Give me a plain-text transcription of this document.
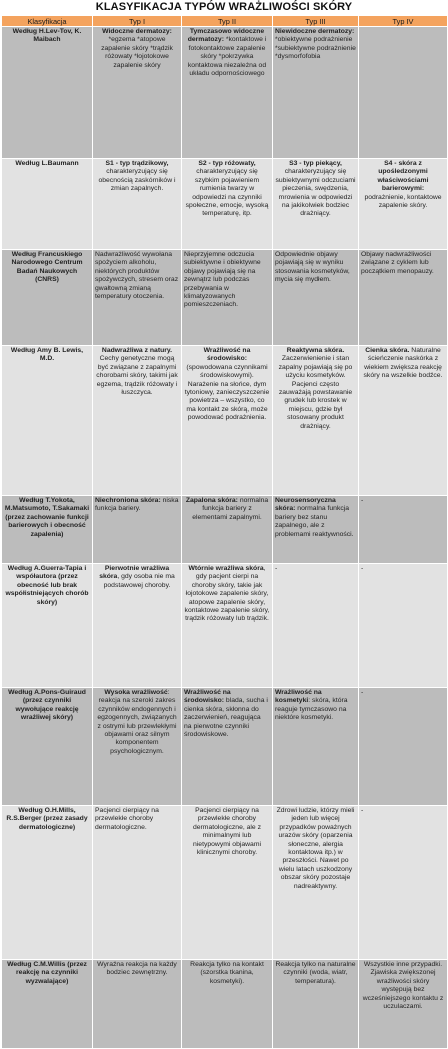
KLASYFIKACJA TYPÓW WRAŻLIWOŚCI SKÓRY
Klasyfikacja	Typ I	Typ II	Typ III	Typ IV
Według H.Lev-Tov, K. Maibach	Widoczne dermatozy: *egzema *atopowe zapalenie skóry *trądzik różowaty *łojotokowe zapalenie skóry	Tymczasowo widoczne dermatozy: *kontaktowe i fotokontaktowe zapalenie skóry *pokrzywka kontaktowa niezależna od układu odpornościowego	Niewidoczne dermatozy: *obiektywne podrażnienie *subiektywne podrażnienie *dysmorfofobia	
Według L.Baumann	S1 - typ trądzikowy, charakteryzujący się obecnością zaskórników i zmian zapalnych.	S2 - typ różowaty, charakteryzujący się szybkim pojawieniem rumienia twarzy w odpowiedzi na czynniki społeczne, emocje, wysoką temperaturę, itp.	S3 - typ piekący, charakteryzujący się subiektywnymi odczuciami pieczenia, swędzenia, mrowienia w odpowiedzi na jakikolwiek bodziec drażniący.	S4 - skóra z upośledzonymi właściwościami barierowymi: podrażnienie, kontaktowe zapalenie skóry.
Według Francuskiego Narodowego Centrum Badań Naukowych (CNRS)	Nadwrażliwość wywołana spożyciem alkoholu, niektórych produktów spożywczych, stresem oraz gwałtowną zmianą temperatury otoczenia.	Nieprzyjemne odczucia subiektywne i obiektywne objawy pojawiają się na zewnątrz lub podczas przebywania w klimatyzowanych pomieszczeniach.	Odpowiednie objawy pojawiają się w wyniku stosowania kosmetyków, mycia się mydłem.	Objawy nadwrażliwości związane z cyklem lub początkiem menopauzy.
Według Amy B. Lewis, M.D.	Nadwrażliwa z natury. Cechy genetyczne mogą być związane z zapalnymi chorobami skóry, takimi jak egzema, trądzik różowaty i łuszczyca.	Wrażliwość na środowisko: (spowodowana czynnikami środowiskowymi). Narażenie na słońce, dym tytoniowy, zanieczyszczenie powietrza – wszystko, co ma kontakt ze skórą, może powodować podrażnienia.	Reaktywna skóra. Zaczerwienienie i stan zapalny pojawiają się po użyciu kosmetyków. Pacjenci często zauważają powstawanie grudek lub krostek w miejscu, gdzie był stosowany produkt drażniący.	Cienka skóra. Naturalne ścieńczenie naskórka z wiekiem zwiększa reakcję skóry na wszelkie bodźce.
Według T.Yokota, M.Matsumoto, T.Sakamaki (przez zachowanie funkcji barierowych i obecność zapalenia)	Niechroniona skóra: niska funkcja bariery.	Zapalona skóra: normalna funkcja bariery z elementami zapalnymi.	Neurosensoryczna skóra: normalna funkcja bariery bez stanu zapalnego, ale z problemami reaktywności.	-
Według A.Guerra-Tapia i współautora (przez obecność lub brak współistniejących chorób skóry)	Pierwotnie wrażliwa skóra, gdy osoba nie ma podstawowej choroby.	Wtórnie wrażliwa skóra, gdy pacjent cierpi na choroby skóry, takie jak łojotokowe zapalenie skóry, atopowe zapalenie skóry, kontaktowe zapalenie skóry, trądzik różowaty lub trądzik.	-	-
Według A.Pons-Guiraud (przez czynniki wywołujące reakcję wrażliwej skóry)	Wysoka wrażliwość: reakcja na szeroki zakres czynników endogennych i egzogennych, związanych z ostrymi lub przewlekłymi objawami oraz silnym komponentem psychologicznym.	Wrażliwość na środowisko: blada, sucha i cienka skóra, skłonna do zaczerwienień, reagująca na pierwotne czynniki środowiskowe.	Wrażliwość na kosmetyki: skóra, która reaguje tymczasowo na niektóre kosmetyki.	-
Według O.H.Mills, R.S.Berger (przez zasady dermatologiczne)	Pacjenci cierpiący na przewlekłe choroby dermatologiczne.	Pacjenci cierpiący na przewlekłe choroby dermatologiczne, ale z minimalnymi lub nietypowymi objawami klinicznymi choroby.	Zdrowi ludzie, którzy mieli jeden lub więcej przypadków poważnych urazów skóry (oparzenia słoneczne, alergia kontaktowa itp.) w przeszłości. Nawet po wielu latach uszkodzony obszar skóry pozostaje nadreaktywny.	-
Według C.M.Willis (przez reakcję na czynniki wyzwalające)	Wyraźna reakcja na każdy bodziec zewnętrzny.	Reakcja tylko na kontakt (szorstka tkanina, kosmetyki).	Reakcja tylko na naturalne czynniki (woda, wiatr, temperatura).	Wszystkie inne przypadki. Zjawiska zwiększonej wrażliwości skóry występują bez wcześniejszego kontaktu z uczulaczami.
